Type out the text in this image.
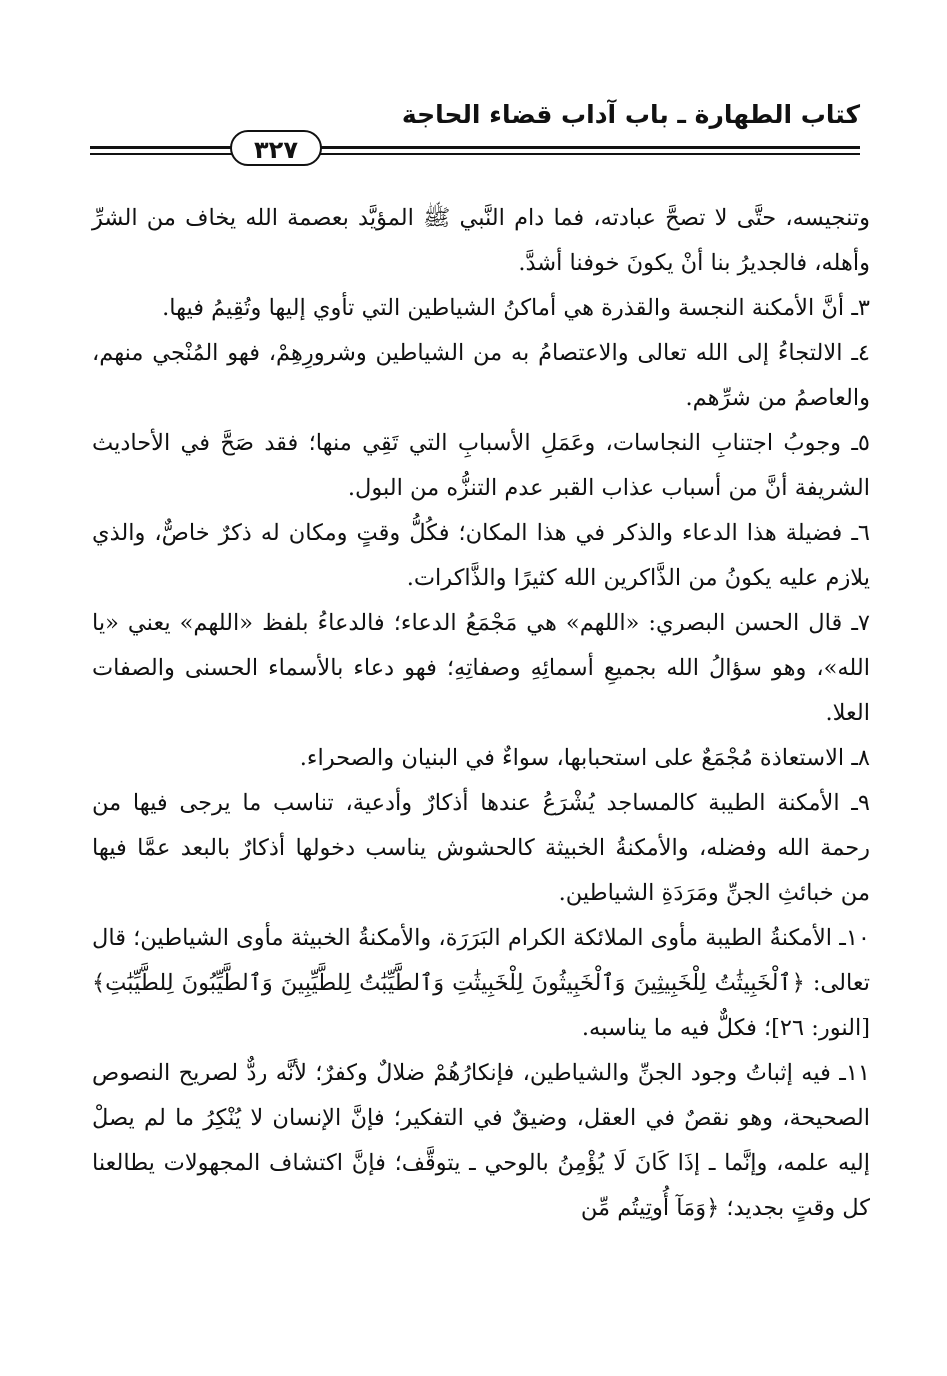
كتاب الطهارة ـ باب آداب قضاء الحاجة
٣٢٧

وتنجيسه، حتَّى لا تصحَّ عبادته، فما دام النَّبي ﷺ المؤيَّد بعصمة الله يخاف من الشرِّ وأهله، فالجديرُ بنا أنْ يكونَ خوفنا أشدَّ.

٣ـ أنَّ الأمكنة النجسة والقذرة هي أماكنُ الشياطين التي تأوي إليها وتُقِيمُ فيها.

٤ـ الالتجاءُ إلى الله تعالى والاعتصامُ به من الشياطين وشرورِهِمْ، فهو المُنْجي منهم، والعاصمُ من شرِّهم.

٥ـ وجوبُ اجتنابِ النجاسات، وعَمَلِ الأسبابِ التي تَقِي منها؛ فقد صَحَّ في الأحاديث الشريفة أنَّ من أسباب عذاب القبر عدم التنزُّه من البول.

٦ـ فضيلة هذا الدعاء والذكر في هذا المكان؛ فكُلُّ وقتٍ ومكان له ذكرٌ خاصٌّ، والذي يلازم عليه يكونُ من الذَّاكرين الله كثيرًا والذَّاكرات.

٧ـ قال الحسن البصري: «اللهم» هي مَجْمَعُ الدعاء؛ فالدعاءُ بلفظ «اللهم» يعني «يا الله»، وهو سؤالُ الله بجميعِ أسمائِهِ وصفاتِهِ؛ فهو دعاء بالأسماء الحسنى والصفات العلا.

٨ـ الاستعاذة مُجْمَعٌ على استحبابها، سواءٌ في البنيان والصحراء.

٩ـ الأمكنة الطيبة كالمساجد يُشْرَعُ عندها أذكارٌ وأدعية، تناسب ما يرجى فيها من رحمة الله وفضله، والأمكنةُ الخبيثة كالحشوش يناسب دخولها أذكارٌ بالبعد عمَّا فيها من خبائثِ الجنِّ ومَرَدَةِ الشياطين.

١٠ـ الأمكنةُ الطيبة مأوى الملائكة الكرام البَرَرَة، والأمكنةُ الخبيثة مأوى الشياطين؛ قال تعالى: ﴿ٱلْخَبِيثَٰتُ لِلْخَبِيثِينَ وَٱلْخَبِيثُونَ لِلْخَبِيثَٰتِ وَٱلطَّيِّبَٰتُ لِلطَّيِّبِينَ وَٱلطَّيِّبُونَ لِلطَّيِّبَٰتِ﴾ [النور: ٢٦]؛ فكلٌّ فيه ما يناسبه.

١١ـ فيه إثباتُ وجود الجنِّ والشياطين، فإنكارُهُمْ ضلالٌ وكفرٌ؛ لأنَّه ردٌّ لصريح النصوص الصحيحة، وهو نقصٌ في العقل، وضيقٌ في التفكير؛ فإنَّ الإنسان لا يُنْكِرُ ما لم يصلْ إليه علمه، وإنَّما ـ إذَا كَانَ لَا يُؤْمِنُ بالوحي ـ يتوقَّف؛ فإنَّ اكتشاف المجهولات يطالعنا كل وقتٍ بجديد؛ ﴿وَمَآ أُوتِيتُم مِّن
